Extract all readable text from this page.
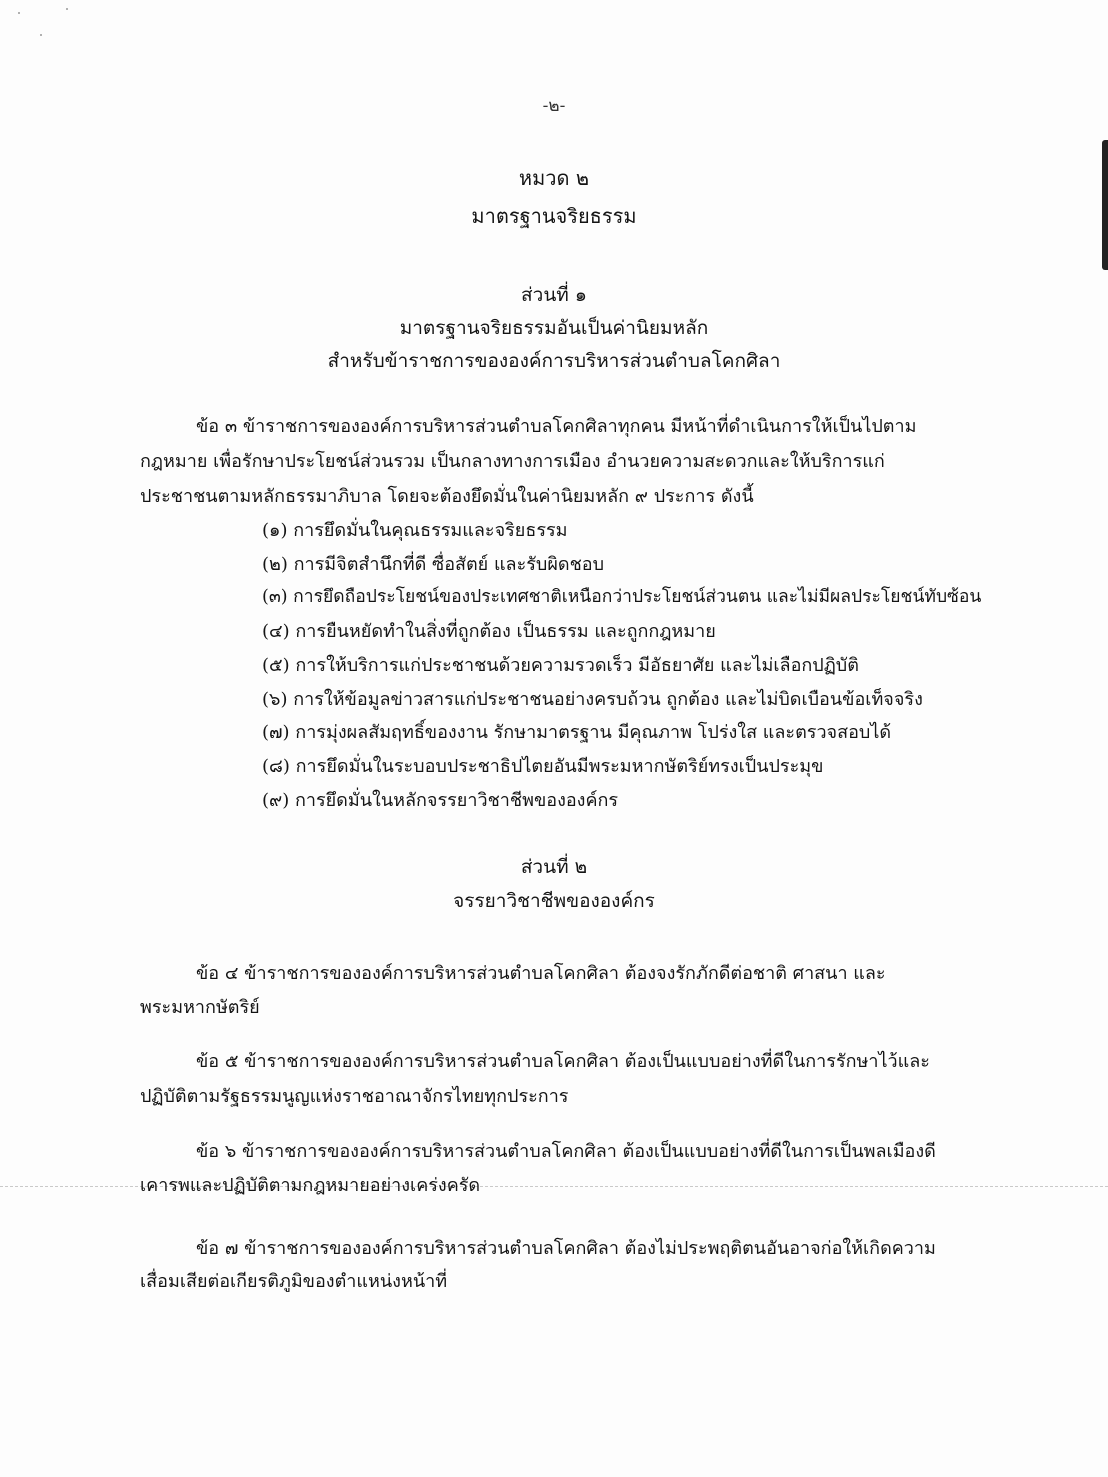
-๒-
หมวด ๒
มาตรฐานจริยธรรม
ส่วนที่ ๑
มาตรฐานจริยธรรมอันเป็นค่านิยมหลัก
สำหรับข้าราชการขององค์การบริหารส่วนตำบลโคกศิลา
ข้อ ๓ ข้าราชการขององค์การบริหารส่วนตำบลโคกศิลาทุกคน มีหน้าที่ดำเนินการให้เป็นไปตาม
กฎหมาย เพื่อรักษาประโยชน์ส่วนรวม เป็นกลางทางการเมือง อำนวยความสะดวกและให้บริการแก่
ประชาชนตามหลักธรรมาภิบาล โดยจะต้องยึดมั่นในค่านิยมหลัก ๙ ประการ ดังนี้
(๑) การยึดมั่นในคุณธรรมและจริยธรรม
(๒) การมีจิตสำนึกที่ดี ซื่อสัตย์ และรับผิดชอบ
(๓) การยึดถือประโยชน์ของประเทศชาติเหนือกว่าประโยชน์ส่วนตน และไม่มีผลประโยชน์ทับซ้อน
(๔) การยืนหยัดทำในสิ่งที่ถูกต้อง เป็นธรรม และถูกกฎหมาย
(๕) การให้บริการแก่ประชาชนด้วยความรวดเร็ว มีอัธยาศัย และไม่เลือกปฏิบัติ
(๖) การให้ข้อมูลข่าวสารแก่ประชาชนอย่างครบถ้วน ถูกต้อง และไม่บิดเบือนข้อเท็จจริง
(๗) การมุ่งผลสัมฤทธิ์ของงาน รักษามาตรฐาน มีคุณภาพ โปร่งใส และตรวจสอบได้
(๘) การยึดมั่นในระบอบประชาธิปไตยอันมีพระมหากษัตริย์ทรงเป็นประมุข
(๙) การยึดมั่นในหลักจรรยาวิชาชีพขององค์กร
ส่วนที่ ๒
จรรยาวิชาชีพขององค์กร
ข้อ ๔ ข้าราชการขององค์การบริหารส่วนตำบลโคกศิลา ต้องจงรักภักดีต่อชาติ ศาสนา และ
พระมหากษัตริย์
ข้อ ๕ ข้าราชการขององค์การบริหารส่วนตำบลโคกศิลา ต้องเป็นแบบอย่างที่ดีในการรักษาไว้และ
ปฏิบัติตามรัฐธรรมนูญแห่งราชอาณาจักรไทยทุกประการ
ข้อ ๖ ข้าราชการขององค์การบริหารส่วนตำบลโคกศิลา ต้องเป็นแบบอย่างที่ดีในการเป็นพลเมืองดี
เคารพและปฏิบัติตามกฎหมายอย่างเคร่งครัด
ข้อ ๗ ข้าราชการขององค์การบริหารส่วนตำบลโคกศิลา ต้องไม่ประพฤติตนอันอาจก่อให้เกิดความ
เสื่อมเสียต่อเกียรติภูมิของตำแหน่งหน้าที่
